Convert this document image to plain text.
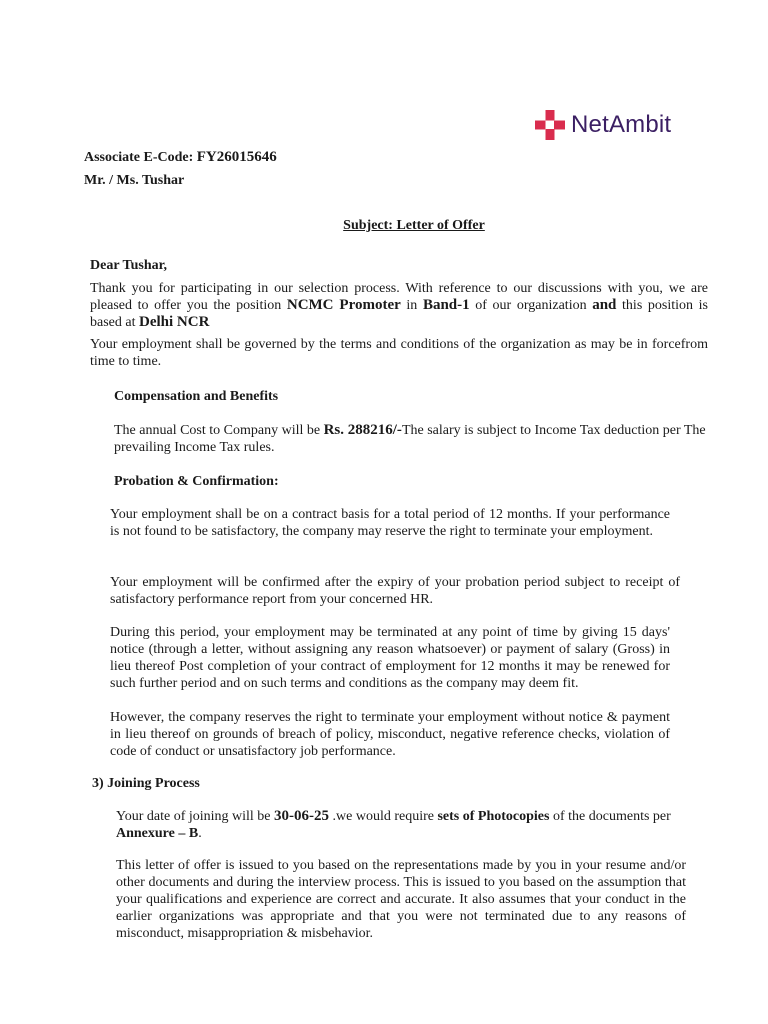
NetAmbit
Associate E-Code: FY26015646
Mr. / Ms. Tushar
Subject: Letter of Offer
Dear Tushar,

Thank you for participating in our selection process. With reference to our discussions with you, we are pleased to offer you the position NCMC Promoter in Band-1 of our organization and this position is based at Delhi NCR

Your employment shall be governed by the terms and conditions of the organization as may be in forcefrom time to time.

Compensation and Benefits

The annual Cost to Company will be Rs. 288216/-The salary is subject to Income Tax deduction per The prevailing Income Tax rules.

Probation & Confirmation:

Your employment shall be on a contract basis for a total period of 12 months. If your performance is not found to be satisfactory, the company may reserve the right to terminate your employment.

Your employment will be confirmed after the expiry of your probation period subject to receipt of satisfactory performance report from your concerned HR.

During this period, your employment may be terminated at any point of time by giving 15 days' notice (through a letter, without assigning any reason whatsoever) or payment of salary (Gross) in lieu thereof Post completion of your contract of employment for 12 months it may be renewed for such further period and on such terms and conditions as the company may deem fit.

However, the company reserves the right to terminate your employment without notice & payment in lieu thereof on grounds of breach of policy, misconduct, negative reference checks, violation of code of conduct or unsatisfactory job performance.

3) Joining Process

Your date of joining will be 30-06-25 .we would require sets of Photocopies of the documents per Annexure – B.

This letter of offer is issued to you based on the representations made by you in your resume and/or other documents and during the interview process. This is issued to you based on the assumption that your qualifications and experience are correct and accurate. It also assumes that your conduct in the earlier organizations was appropriate and that you were not terminated due to any reasons of misconduct, misappropriation & misbehavior.
